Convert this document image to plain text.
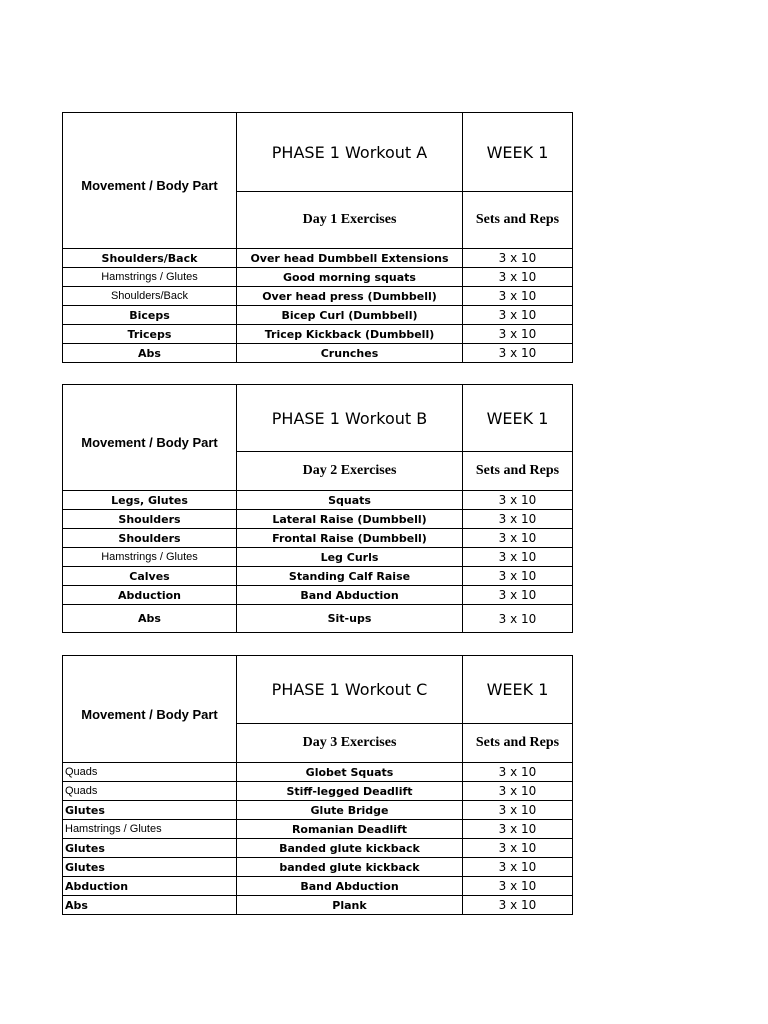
Movement / Body Part	PHASE 1 Workout A	WEEK 1
	Day 1 Exercises	Sets and Reps
Shoulders/Back	Over head Dumbbell Extensions	3 x 10
Hamstrings / Glutes	Good morning squats	3 x 10
Shoulders/Back	Over head press (Dumbbell)	3 x 10
Biceps	Bicep Curl (Dumbbell)	3 x 10
Triceps	Tricep Kickback (Dumbbell)	3 x 10
Abs	Crunches	3 x 10
Movement / Body Part	PHASE 1 Workout B	WEEK 1
	Day 2 Exercises	Sets and Reps
Legs, Glutes	Squats	3 x 10
Shoulders	Lateral Raise (Dumbbell)	3 x 10
Shoulders	Frontal Raise (Dumbbell)	3 x 10
Hamstrings / Glutes	Leg Curls	3 x 10
Calves	Standing Calf Raise	3 x 10
Abduction	Band Abduction	3 x 10
Abs	Sit-ups	3 x 10
Movement / Body Part	PHASE 1 Workout C	WEEK 1
	Day 3 Exercises	Sets and Reps
Quads	Globet Squats	3 x 10
Quads	Stiff-legged Deadlift	3 x 10
Glutes	Glute Bridge	3 x 10
Hamstrings / Glutes	Romanian Deadlift	3 x 10
Glutes	Banded glute kickback	3 x 10
Glutes	banded glute kickback	3 x 10
Abduction	Band Abduction	3 x 10
Abs	Plank	3 x 10
